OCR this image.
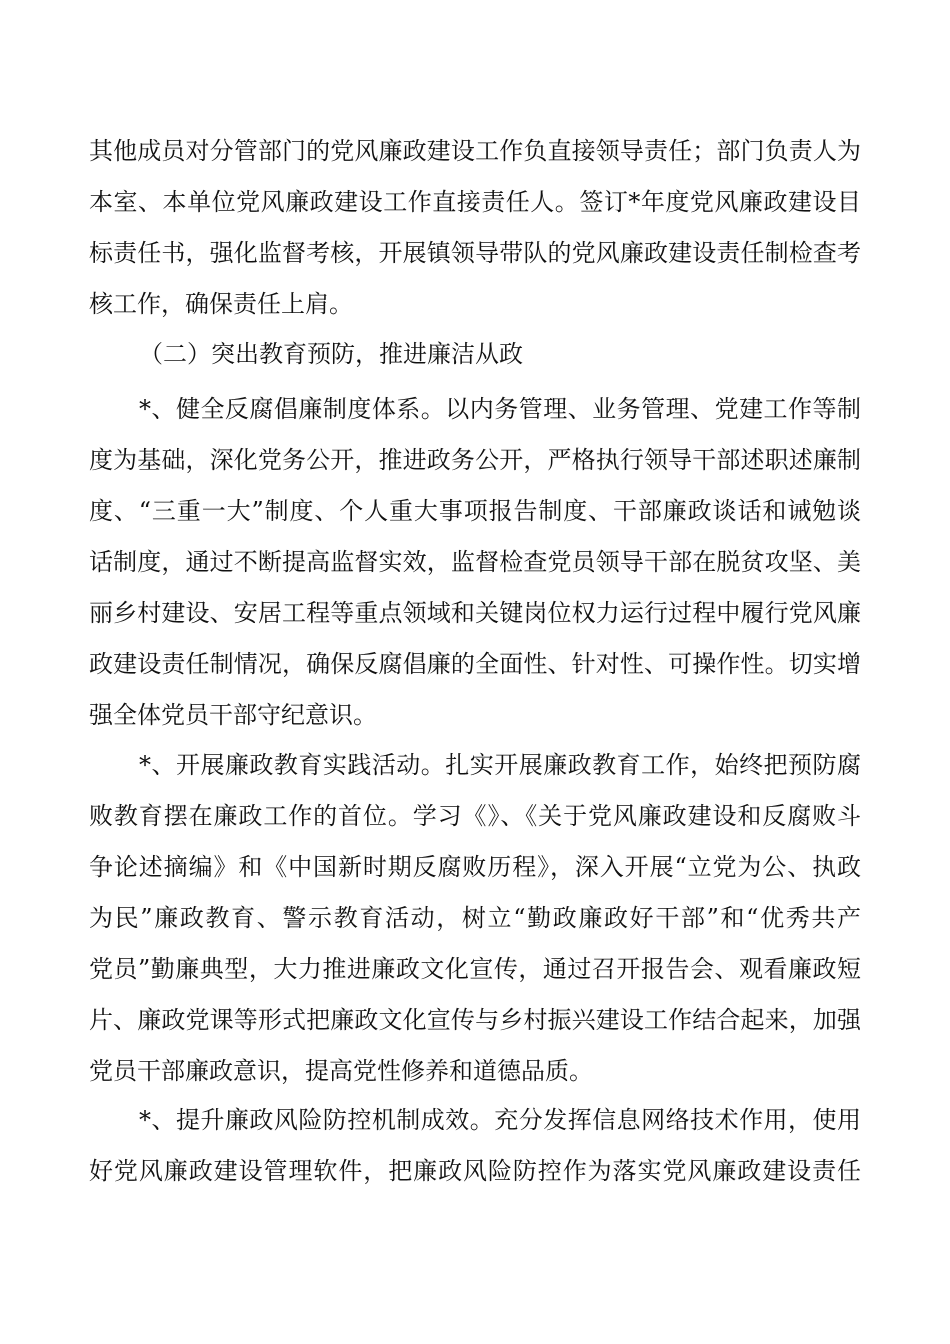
其他成员对分管部门的党风廉政建设工作负直接领导责任；部门负责人为
本室、本单位党风廉政建设工作直接责任人。签订*年度党风廉政建设目
标责任书，强化监督考核，开展镇领导带队的党风廉政建设责任制检查考
核工作，确保责任上肩。
（二）突出教育预防，推进廉洁从政
*、健全反腐倡廉制度体系。以内务管理、业务管理、党建工作等制
度为基础，深化党务公开，推进政务公开，严格执行领导干部述职述廉制
度、“三重一大”制度、个人重大事项报告制度、干部廉政谈话和诫勉谈
话制度，通过不断提高监督实效，监督检查党员领导干部在脱贫攻坚、美
丽乡村建设、安居工程等重点领域和关键岗位权力运行过程中履行党风廉
政建设责任制情况，确保反腐倡廉的全面性、针对性、可操作性。切实增
强全体党员干部守纪意识。
*、开展廉政教育实践活动。扎实开展廉政教育工作，始终把预防腐
败教育摆在廉政工作的首位。学习《》、《关于党风廉政建设和反腐败斗
争论述摘编》和《中国新时期反腐败历程》，深入开展“立党为公、执政
为民”廉政教育、警示教育活动，树立“勤政廉政好干部”和“优秀共产
党员”勤廉典型，大力推进廉政文化宣传，通过召开报告会、观看廉政短
片、廉政党课等形式把廉政文化宣传与乡村振兴建设工作结合起来，加强
党员干部廉政意识，提高党性修养和道德品质。
*、提升廉政风险防控机制成效。充分发挥信息网络技术作用，使用
好党风廉政建设管理软件，把廉政风险防控作为落实党风廉政建设责任
